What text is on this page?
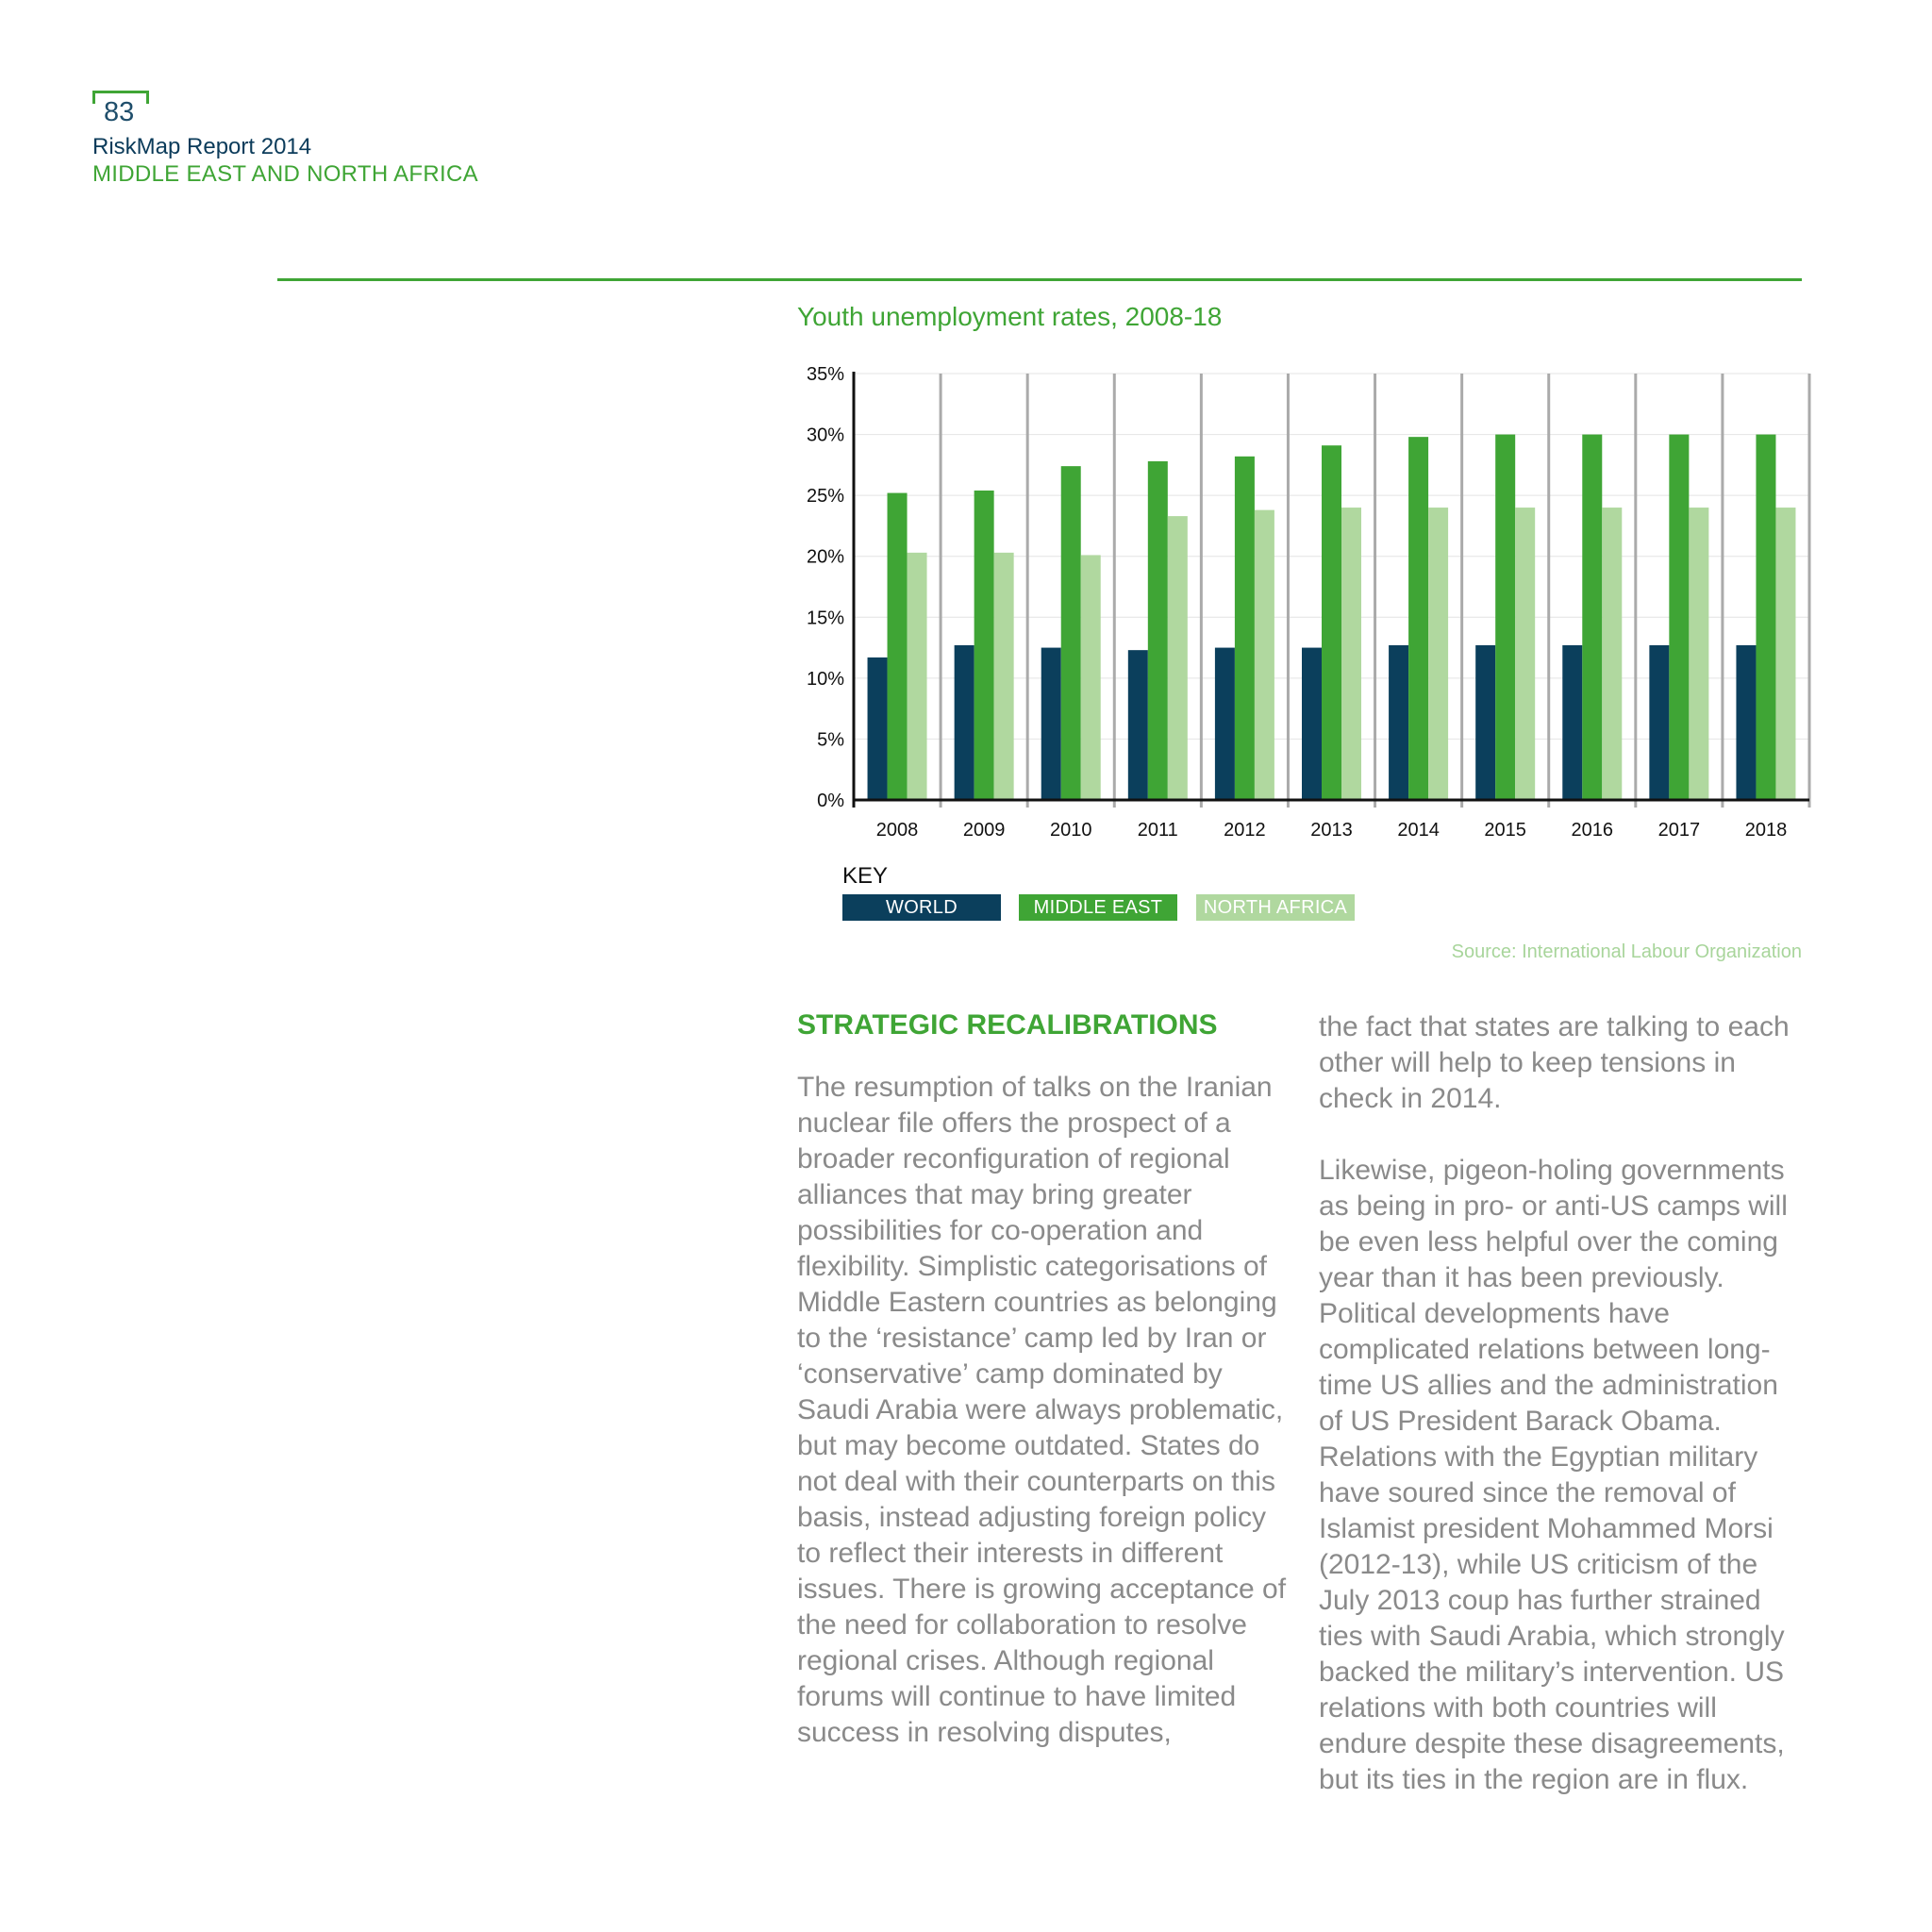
83
RiskMap Report 2014
MIDDLE EAST AND NORTH AFRICA
Youth unemployment rates, 2008-18
0%
5%
10%
15%
20%
25%
30%
35%
2008 2009 2010 2011 2012 2013 2014 2015 2016 2017 2018
KEY
WORLD	MIDDLE EAST	NORTH AFRICA
Source: International Labour Organization

STRATEGIC RECALIBRATIONS

The resumption of talks on the Iranian nuclear file offers the prospect of a broader reconfiguration of regional alliances that may bring greater possibilities for co-operation and flexibility. Simplistic categorisations of Middle Eastern countries as belonging to the ‘resistance’ camp led by Iran or ‘conservative’ camp dominated by Saudi Arabia were always problematic, but may become outdated. States do not deal with their counterparts on this basis, instead adjusting foreign policy to reflect their interests in different issues. There is growing acceptance of the need for collaboration to resolve regional crises. Although regional forums will continue to have limited success in resolving disputes,

the fact that states are talking to each other will help to keep tensions in check in 2014.

Likewise, pigeon-holing governments as being in pro- or anti-US camps will be even less helpful over the coming year than it has been previously. Political developments have complicated relations between long-time US allies and the administration of US President Barack Obama. Relations with the Egyptian military have soured since the removal of Islamist president Mohammed Morsi (2012-13), while US criticism of the July 2013 coup has further strained ties with Saudi Arabia, which strongly backed the military’s intervention. US relations with both countries will endure despite these disagreements, but its ties in the region are in flux.
